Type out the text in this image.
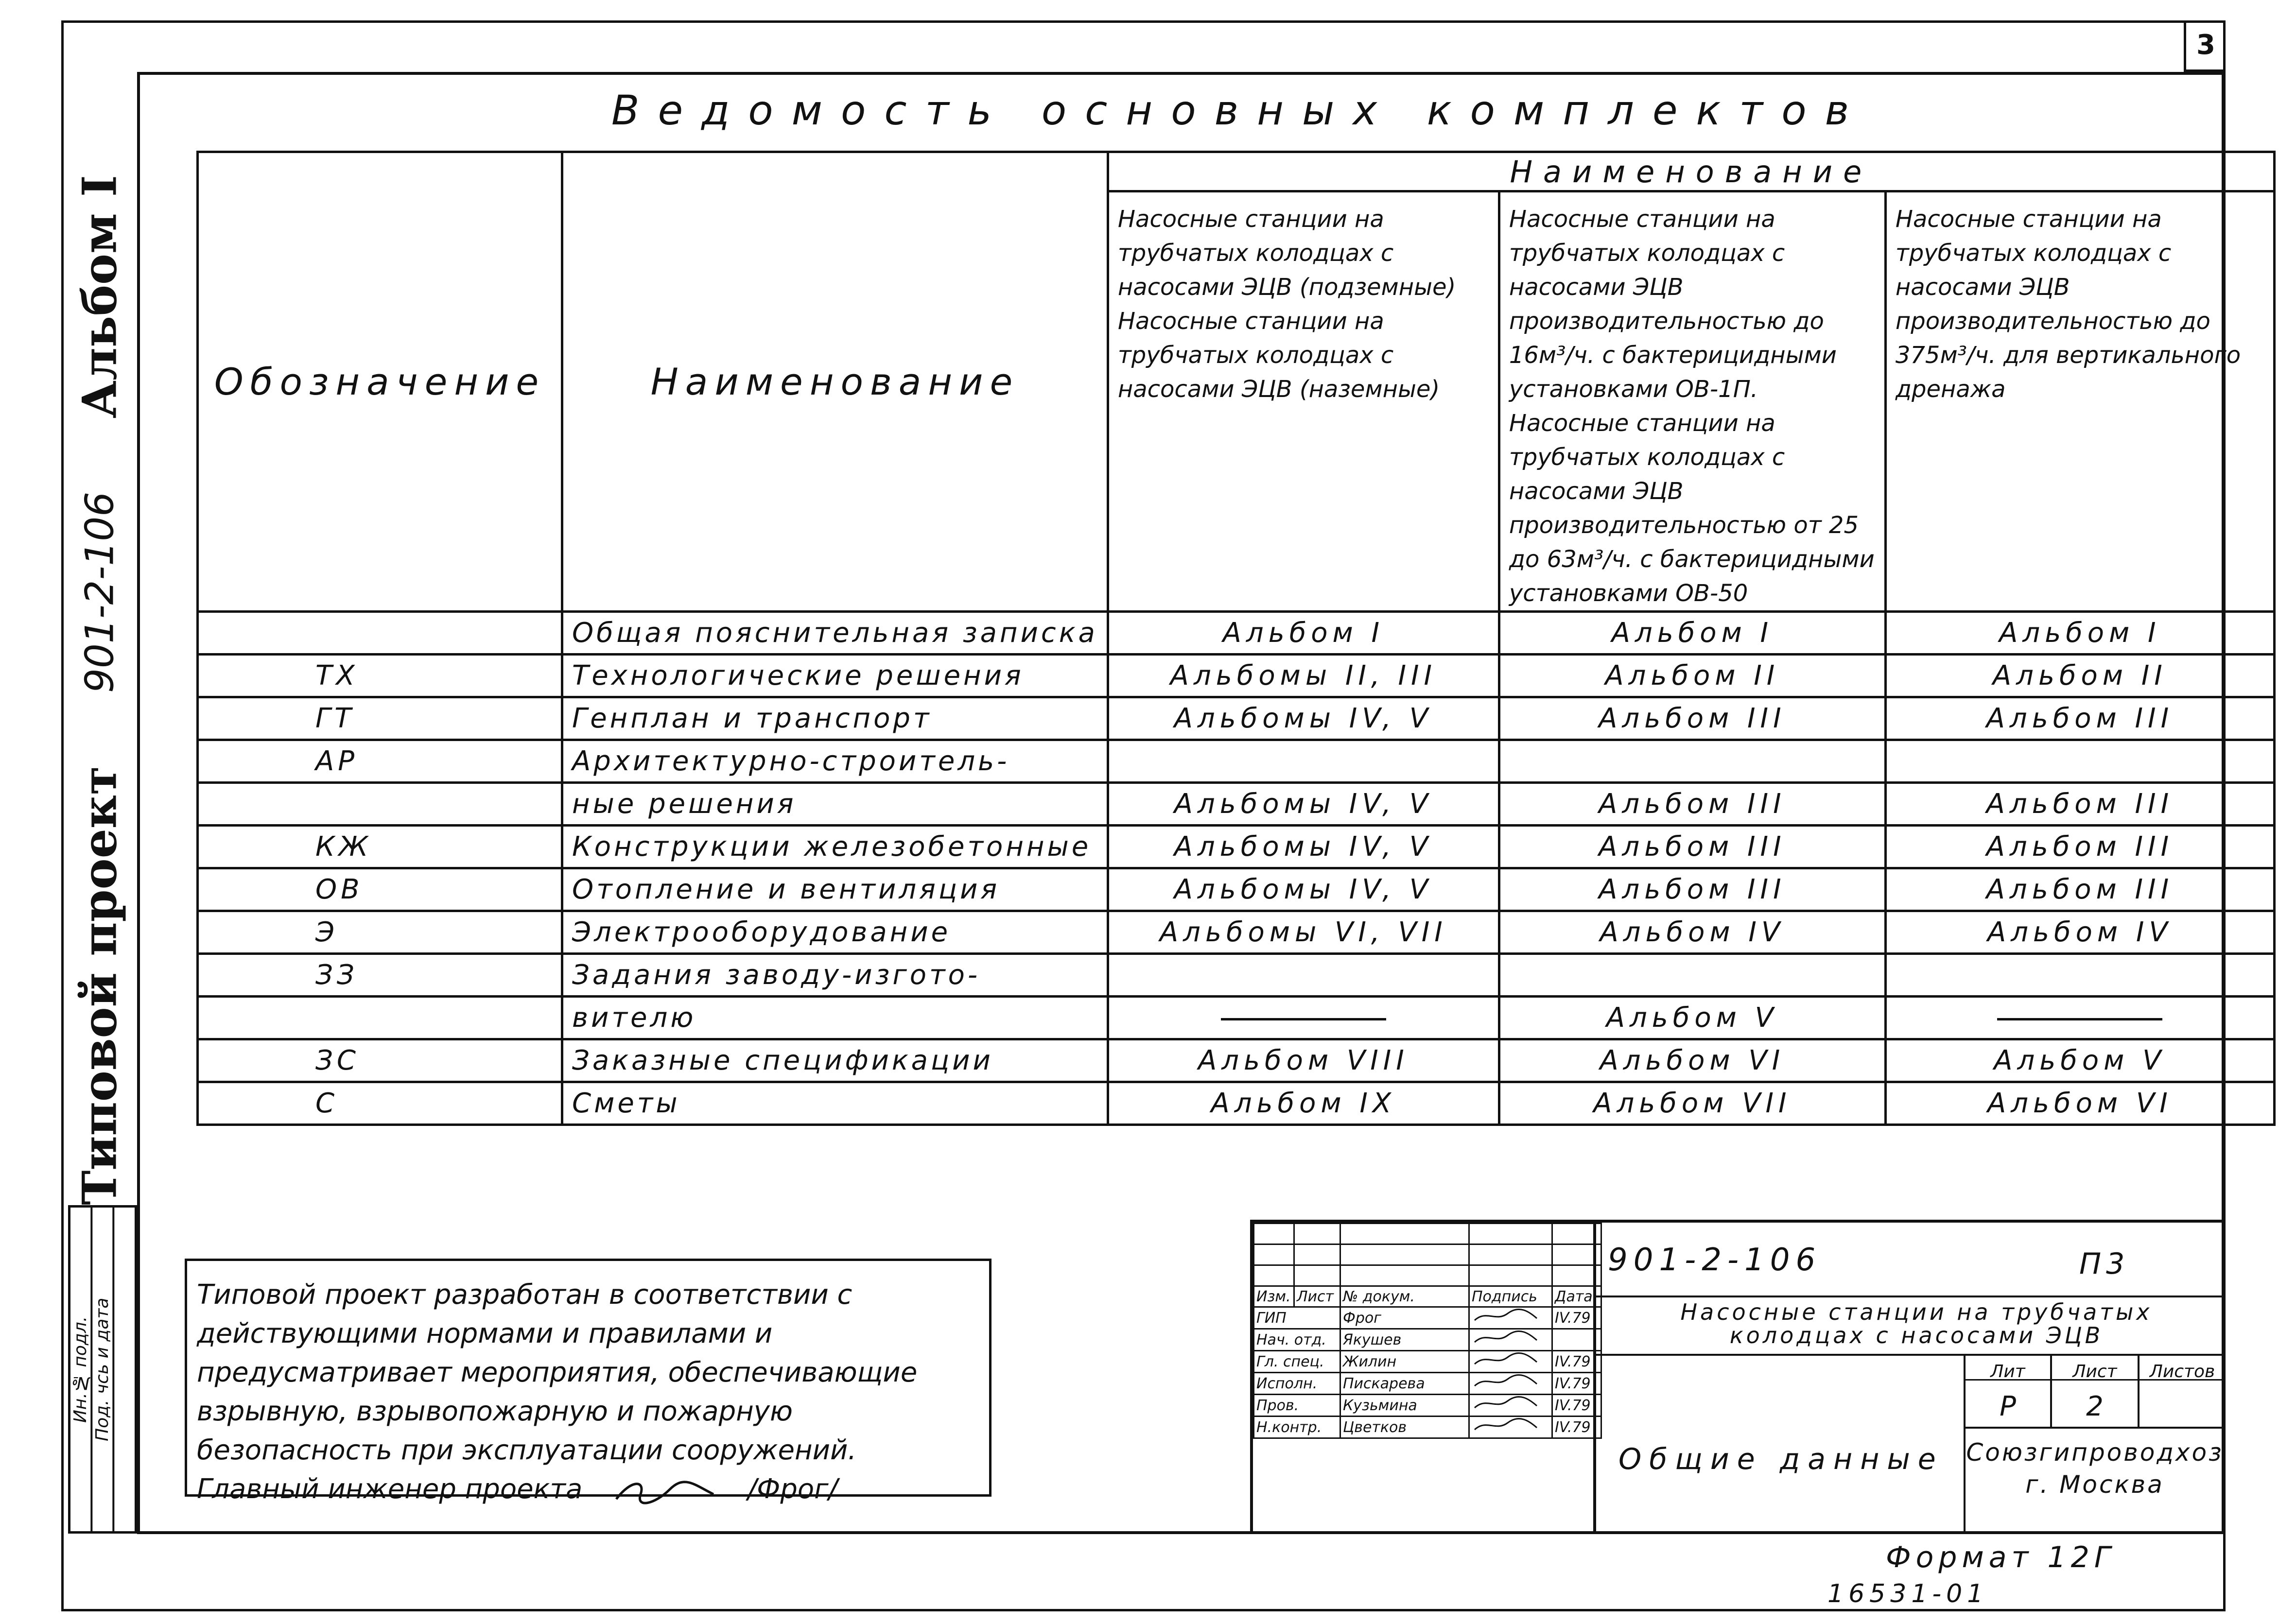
3
Типовой проект
901-2-106
Альбом I
Ин.№ подл. Под. чсь и дата
Ведомость основных комплектов
Обозначение	Наименование	Наименование		
		Насосные станции на трубчатых колодцах с насосами ЭЦВ (подземные) Насосные станции на трубчатых колодцах с насосами ЭЦВ (наземные)	Насосные станции на трубчатых колодцах с насосами ЭЦВ производительностью до 16м³/ч. с бактерицидными установками ОВ-1П. Насосные станции на трубчатых колодцах с насосами ЭЦВ производительностью от 25 до 63м³/ч. с бактерицидными установками ОВ-50	Насосные станции на трубчатых колодцах с насосами ЭЦВ производительностью до 375м³/ч. для вертикального дренажа
	Общая пояснительная записка	Альбом I	Альбом I	Альбом I
ТХ	Технологические решения	Альбомы II, III	Альбом II	Альбом II
ГТ	Генплан и транспорт	Альбомы IV, V	Альбом III	Альбом III
АР	Архитектурно-строитель-			
	ные решения	Альбомы IV, V	Альбом III	Альбом III
КЖ	Конструкции железобетонные	Альбомы IV, V	Альбом III	Альбом III
ОВ	Отопление и вентиляция	Альбомы IV, V	Альбом III	Альбом III
Э	Электрооборудование	Альбомы VI, VII	Альбом IV	Альбом IV
ЗЗ	Задания заводу-изгото-			
	вителю		Альбом V	
ЗС	Заказные спецификации	Альбом VIII	Альбом VI	Альбом V
С	Сметы	Альбом IX	Альбом VII	Альбом VI
Типовой проект разработан в соответствии с действующими нормами и правилами и предусматривает мероприятия, обеспечивающие взрывную, взрывопожарную и пожарную безопасность при эксплуатации сооружений.
Главный инженер проекта	/Фрог/

Изм.	Лист	№ докум.	Подпись	Дата
ГИП		Фрог		IV.79
Нач. отд.		Якушев		
Гл. спец.		Жилин		IV.79
Исполн.		Пискарева		IV.79
Пров.		Кузьмина		IV.79
Н.контр.		Цветков		IV.79
901-2-106	П3
Насосные станции на трубчатых колодцах с насосами ЭЦВ
Лит	Лист	Листов
Р	2
Общие данные Союзгипроводхоз г. Москва
Формат 12Г
16531-01
